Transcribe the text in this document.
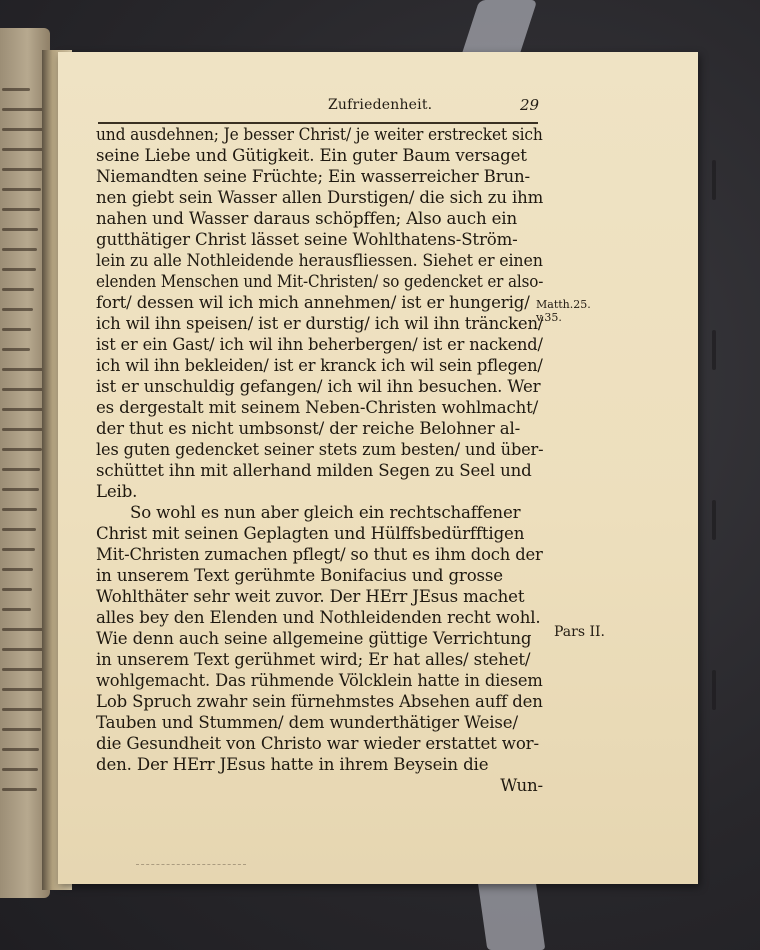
Zufriedenheit.	29
und ausdehnen; Je besser Christ/ je weiter erstrecket sich
seine Liebe und Gütigkeit. Ein guter Baum versaget
Niemandten seine Früchte; Ein wasserreicher Brun-
nen giebt sein Wasser allen Durstigen/ die sich zu ihm
nahen und Wasser daraus schöpffen; Also auch ein
gutthätiger Christ lässet seine Wohlthatens-Ström-
lein zu alle Nothleidende herausfliessen. Siehet er einen
elenden Menschen und Mit-Christen/ so gedencket er also-
fort/ dessen wil ich mich annehmen/ ist er hungerig/
ich wil ihn speisen/ ist er durstig/ ich wil ihn träncken/
ist er ein Gast/ ich wil ihn beherbergen/ ist er nackend/
ich wil ihn bekleiden/ ist er kranck ich wil sein pflegen/
ist er unschuldig gefangen/ ich wil ihn besuchen. Wer
es dergestalt mit seinem Neben-Christen wohlmacht/
der thut es nicht umbsonst/ der reiche Belohner al-
les guten gedencket seiner stets zum besten/ und über-
schüttet ihn mit allerhand milden Segen zu Seel und
Leib.
So wohl es nun aber gleich ein rechtschaffener
Christ mit seinen Geplagten und Hülffsbedürfftigen
Mit-Christen zumachen pflegt/ so thut es ihm doch der
in unserem Text gerühmte Bonifacius und grosse
Wohlthäter sehr weit zuvor. Der HErr JEsus machet
alles bey den Elenden und Nothleidenden recht wohl.
Wie denn auch seine allgemeine güttige Verrichtung
in unserem Text gerühmet wird; Er hat alles/ stehet/
wohlgemacht. Das rühmende Völcklein hatte in diesem
Lob Spruch zwahr sein fürnehmstes Absehen auff den
Tauben und Stummen/ dem wunderthätiger Weise/
die Gesundheit von Christo war wieder erstattet wor-
den. Der HErr JEsus hatte in ihrem Beysein die
Wun-
Matth.25.
v.35.
Pars II.
